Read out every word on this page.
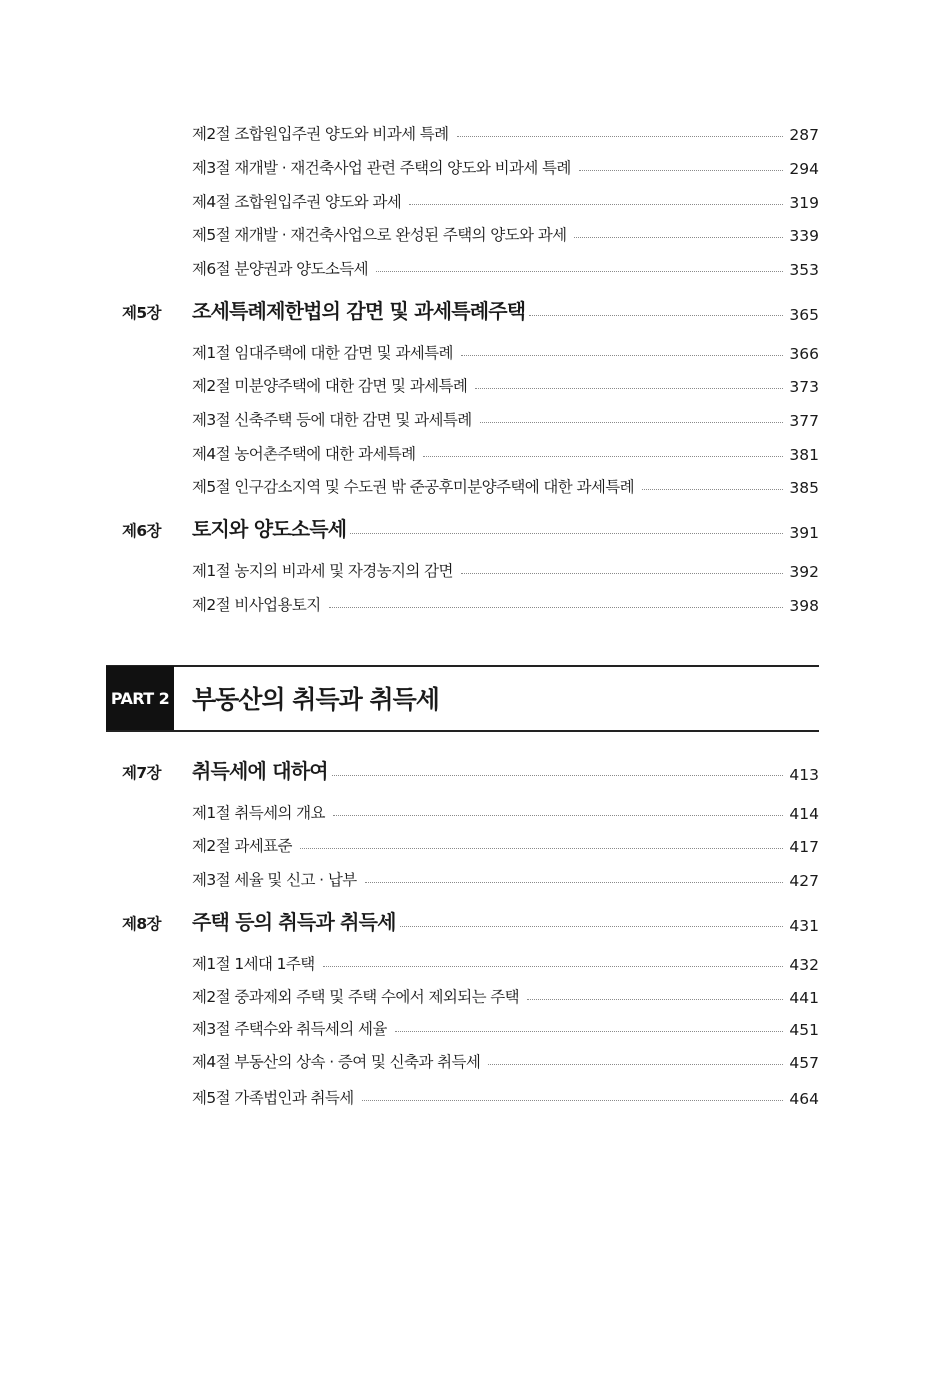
제2절 조합원입주권 양도와 비과세 특례	287
제3절 재개발 · 재건축사업 관련 주택의 양도와 비과세 특례	294
제4절 조합원입주권 양도와 과세	319
제5절 재개발 · 재건축사업으로 완성된 주택의 양도와 과세	339
제6절 분양권과 양도소득세	353
제5장	조세특례제한법의 감면 및 과세특례주택	365
제1절 임대주택에 대한 감면 및 과세특례	366
제2절 미분양주택에 대한 감면 및 과세특례	373
제3절 신축주택 등에 대한 감면 및 과세특례	377
제4절 농어촌주택에 대한 과세특례	381
제5절 인구감소지역 및 수도권 밖 준공후미분양주택에 대한 과세특례	385
제6장	토지와 양도소득세	391
제1절 농지의 비과세 및 자경농지의 감면	392
제2절 비사업용토지	398
PART 2 부동산의 취득과 취득세
제7장	취득세에 대하여	413
제1절 취득세의 개요	414
제2절 과세표준	417
제3절 세율 및 신고 · 납부	427
제8장	주택 등의 취득과 취득세	431
제1절 1세대 1주택	432
제2절 중과제외 주택 및 주택 수에서 제외되는 주택	441
제3절 주택수와 취득세의 세율	451
제4절 부동산의 상속 · 증여 및 신축과 취득세	457
제5절 가족법인과 취득세	464
